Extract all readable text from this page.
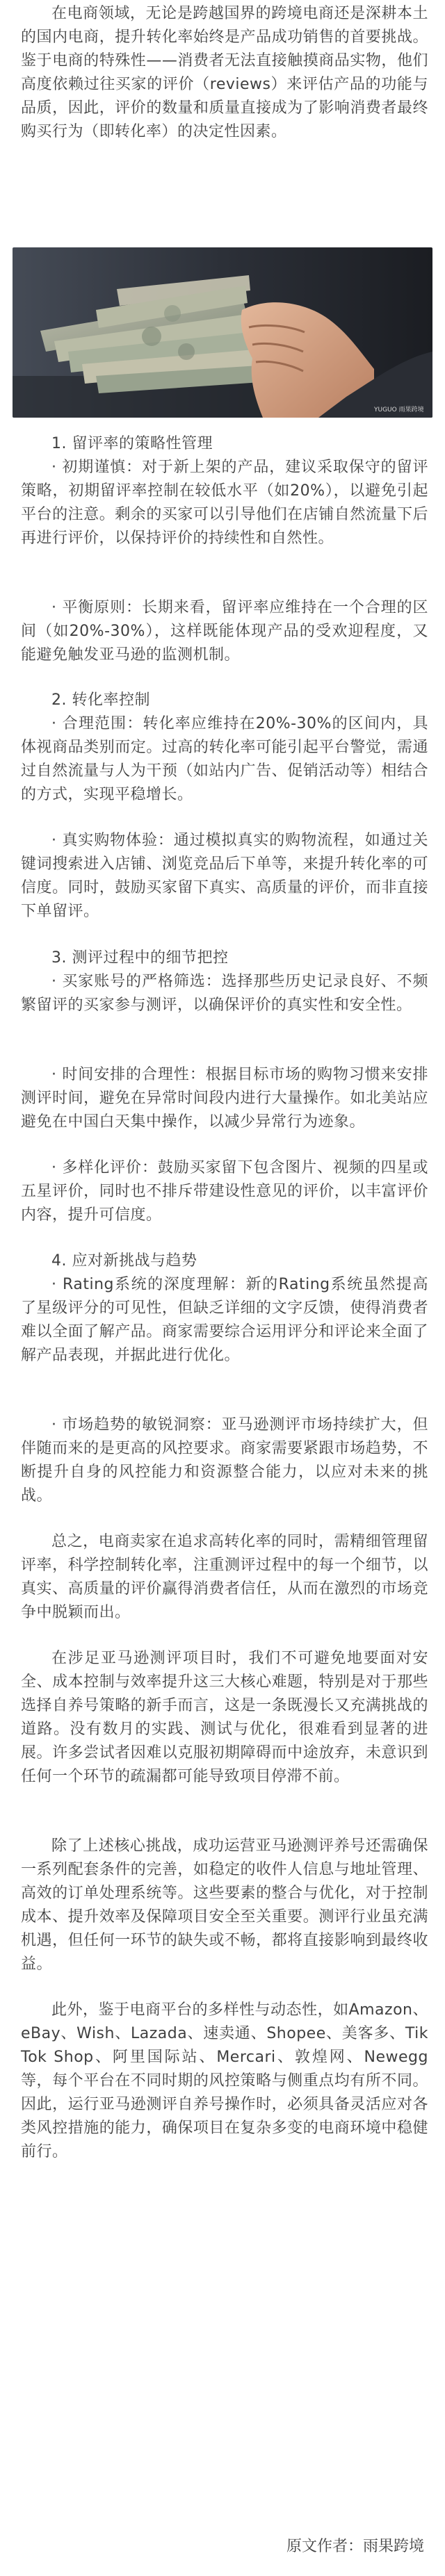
在电商领域，无论是跨越国界的跨境电商还是深耕本土的国内电商，提升转化率始终是产品成功销售的首要挑战。鉴于电商的特殊性——消费者无法直接触摸商品实物，他们高度依赖过往买家的评价（reviews）来评估产品的功能与品质，因此，评价的数量和质量直接成为了影响消费者最终购买行为（即转化率）的决定性因素。

YUGUO 雨果跨境

1. 留评率的策略性管理

· 初期谨慎：对于新上架的产品，建议采取保守的留评策略，初期留评率控制在较低水平（如20%），以避免引起平台的注意。剩余的买家可以引导他们在店铺自然流量下后再进行评价，以保持评价的持续性和自然性。

· 平衡原则：长期来看，留评率应维持在一个合理的区间（如20%-30%），这样既能体现产品的受欢迎程度，又能避免触发亚马逊的监测机制。

2. 转化率控制

· 合理范围：转化率应维持在20%-30%的区间内，具体视商品类别而定。过高的转化率可能引起平台警觉，需通过自然流量与人为干预（如站内广告、促销活动等）相结合的方式，实现平稳增长。

· 真实购物体验：通过模拟真实的购物流程，如通过关键词搜索进入店铺、浏览竞品后下单等，来提升转化率的可信度。同时，鼓励买家留下真实、高质量的评价，而非直接下单留评。

3. 测评过程中的细节把控

· 买家账号的严格筛选：选择那些历史记录良好、不频繁留评的买家参与测评，以确保评价的真实性和安全性。

· 时间安排的合理性：根据目标市场的购物习惯来安排测评时间，避免在异常时间段内进行大量操作。如北美站应避免在中国白天集中操作，以减少异常行为迹象。

· 多样化评价：鼓励买家留下包含图片、视频的四星或五星评价，同时也不排斥带建设性意见的评价，以丰富评价内容，提升可信度。

4. 应对新挑战与趋势

· Rating系统的深度理解：新的Rating系统虽然提高了星级评分的可见性，但缺乏详细的文字反馈，使得消费者难以全面了解产品。商家需要综合运用评分和评论来全面了解产品表现，并据此进行优化。

· 市场趋势的敏锐洞察：亚马逊测评市场持续扩大，但伴随而来的是更高的风控要求。商家需要紧跟市场趋势，不断提升自身的风控能力和资源整合能力，以应对未来的挑战。

总之，电商卖家在追求高转化率的同时，需精细管理留评率，科学控制转化率，注重测评过程中的每一个细节，以真实、高质量的评价赢得消费者信任，从而在激烈的市场竞争中脱颖而出。

在涉足亚马逊测评项目时，我们不可避免地要面对安全、成本控制与效率提升这三大核心难题，特别是对于那些选择自养号策略的新手而言，这是一条既漫长又充满挑战的道路。没有数月的实践、测试与优化，很难看到显著的进展。许多尝试者因难以克服初期障碍而中途放弃，未意识到任何一个环节的疏漏都可能导致项目停滞不前。

除了上述核心挑战，成功运营亚马逊测评养号还需确保一系列配套条件的完善，如稳定的收件人信息与地址管理、高效的订单处理系统等。这些要素的整合与优化，对于控制成本、提升效率及保障项目安全至关重要。测评行业虽充满机遇，但任何一环节的缺失或不畅，都将直接影响到最终收益。

此外，鉴于电商平台的多样性与动态性，如Amazon、eBay、Wish、Lazada、速卖通、Shopee、美客多、Tik Tok Shop、阿里国际站、Mercari、敦煌网、Newegg等，每个平台在不同时期的风控策略与侧重点均有所不同。因此，运行亚马逊测评自养号操作时，必须具备灵活应对各类风控措施的能力，确保项目在复杂多变的电商环境中稳健前行。

原文作者：雨果跨境
